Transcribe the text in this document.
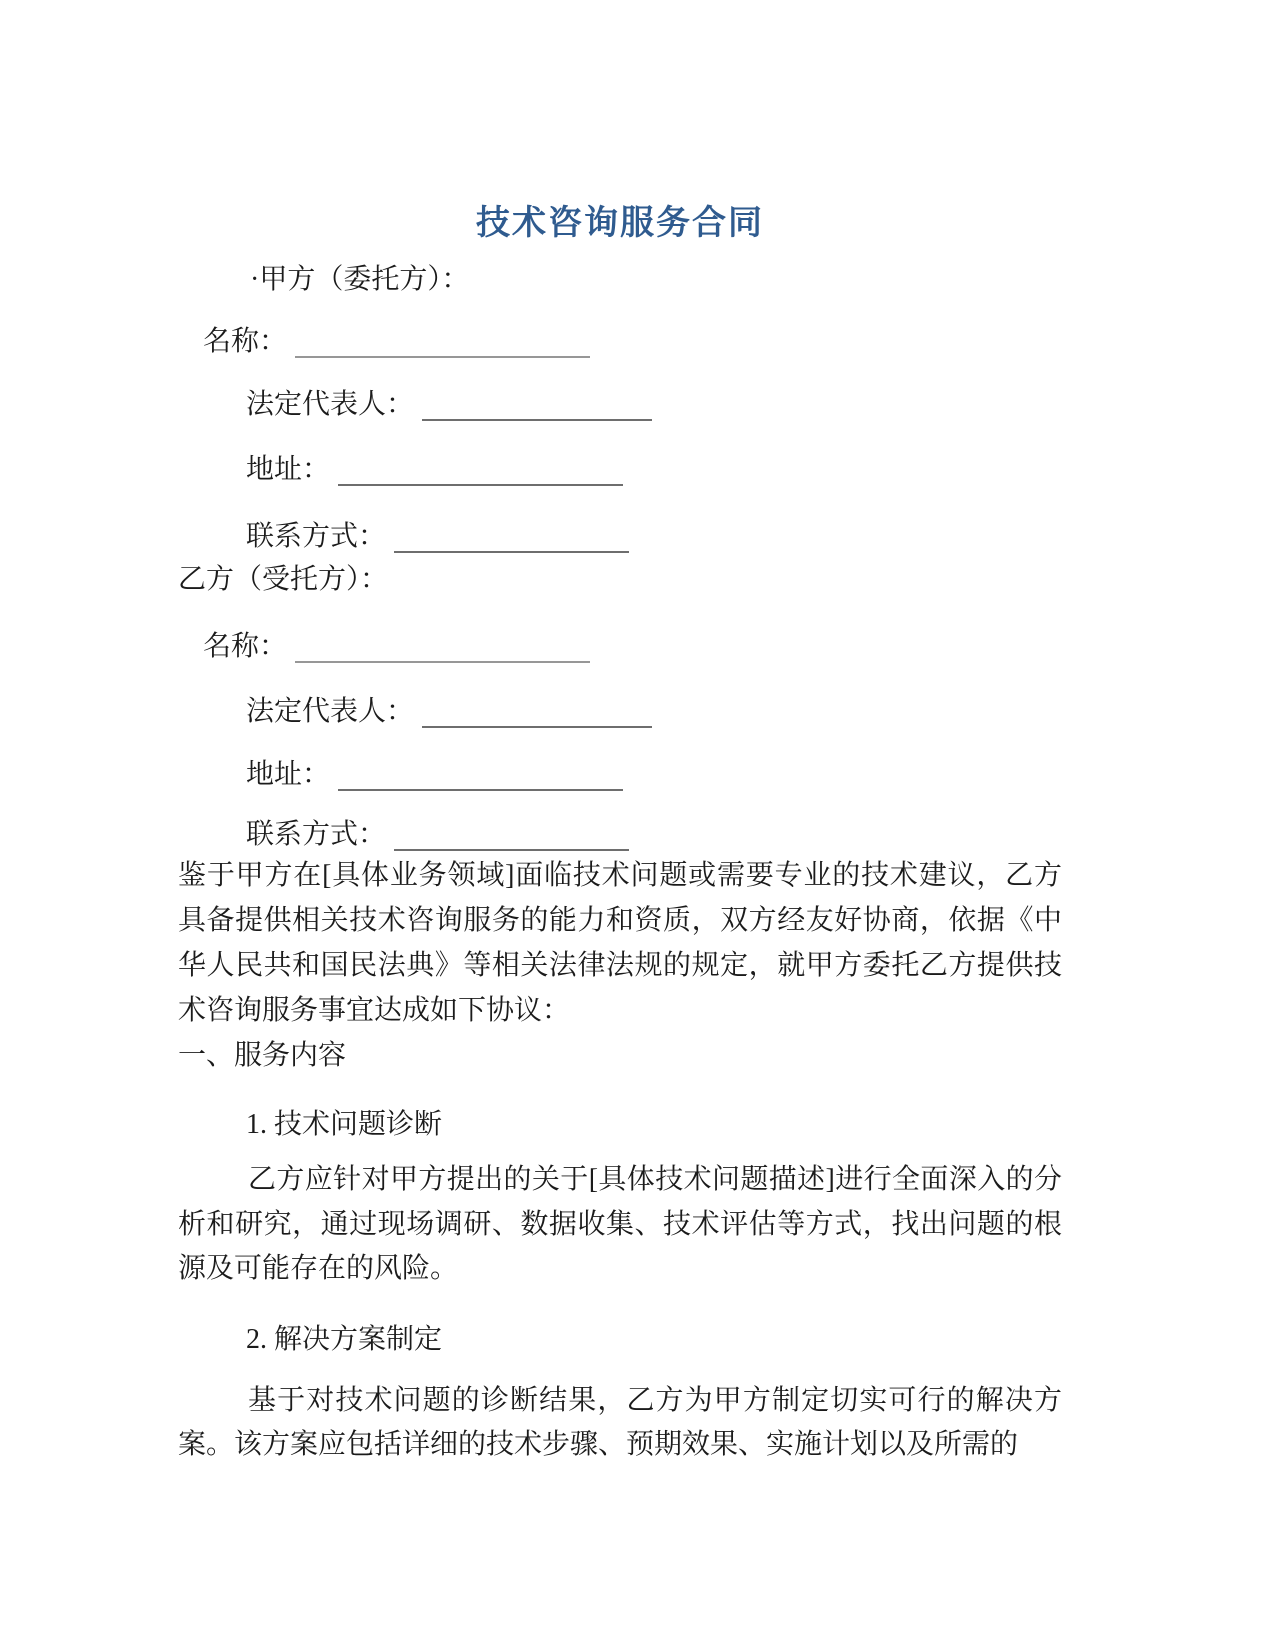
技术咨询服务合同
·甲方（委托方）：
名称：
法定代表人：
地址：
联系方式：
乙方（受托方）：
名称：
法定代表人：
地址：
联系方式：

鉴于甲方在[具体业务领域]面临技术问题或需要专业的技术建议，乙方具备提供相关技术咨询服务的能力和资质，双方经友好协商，依据《中华人民共和国民法典》等相关法律法规的规定，就甲方委托乙方提供技术咨询服务事宜达成如下协议：

一、服务内容
1. 技术问题诊断

乙方应针对甲方提出的关于[具体技术问题描述]进行全面深入的分析和研究，通过现场调研、数据收集、技术评估等方式，找出问题的根源及可能存在的风险。

2. 解决方案制定

基于对技术问题的诊断结果，乙方为甲方制定切实可行的解决方案。该方案应包括详细的技术步骤、预期效果、实施计划以及所需的
